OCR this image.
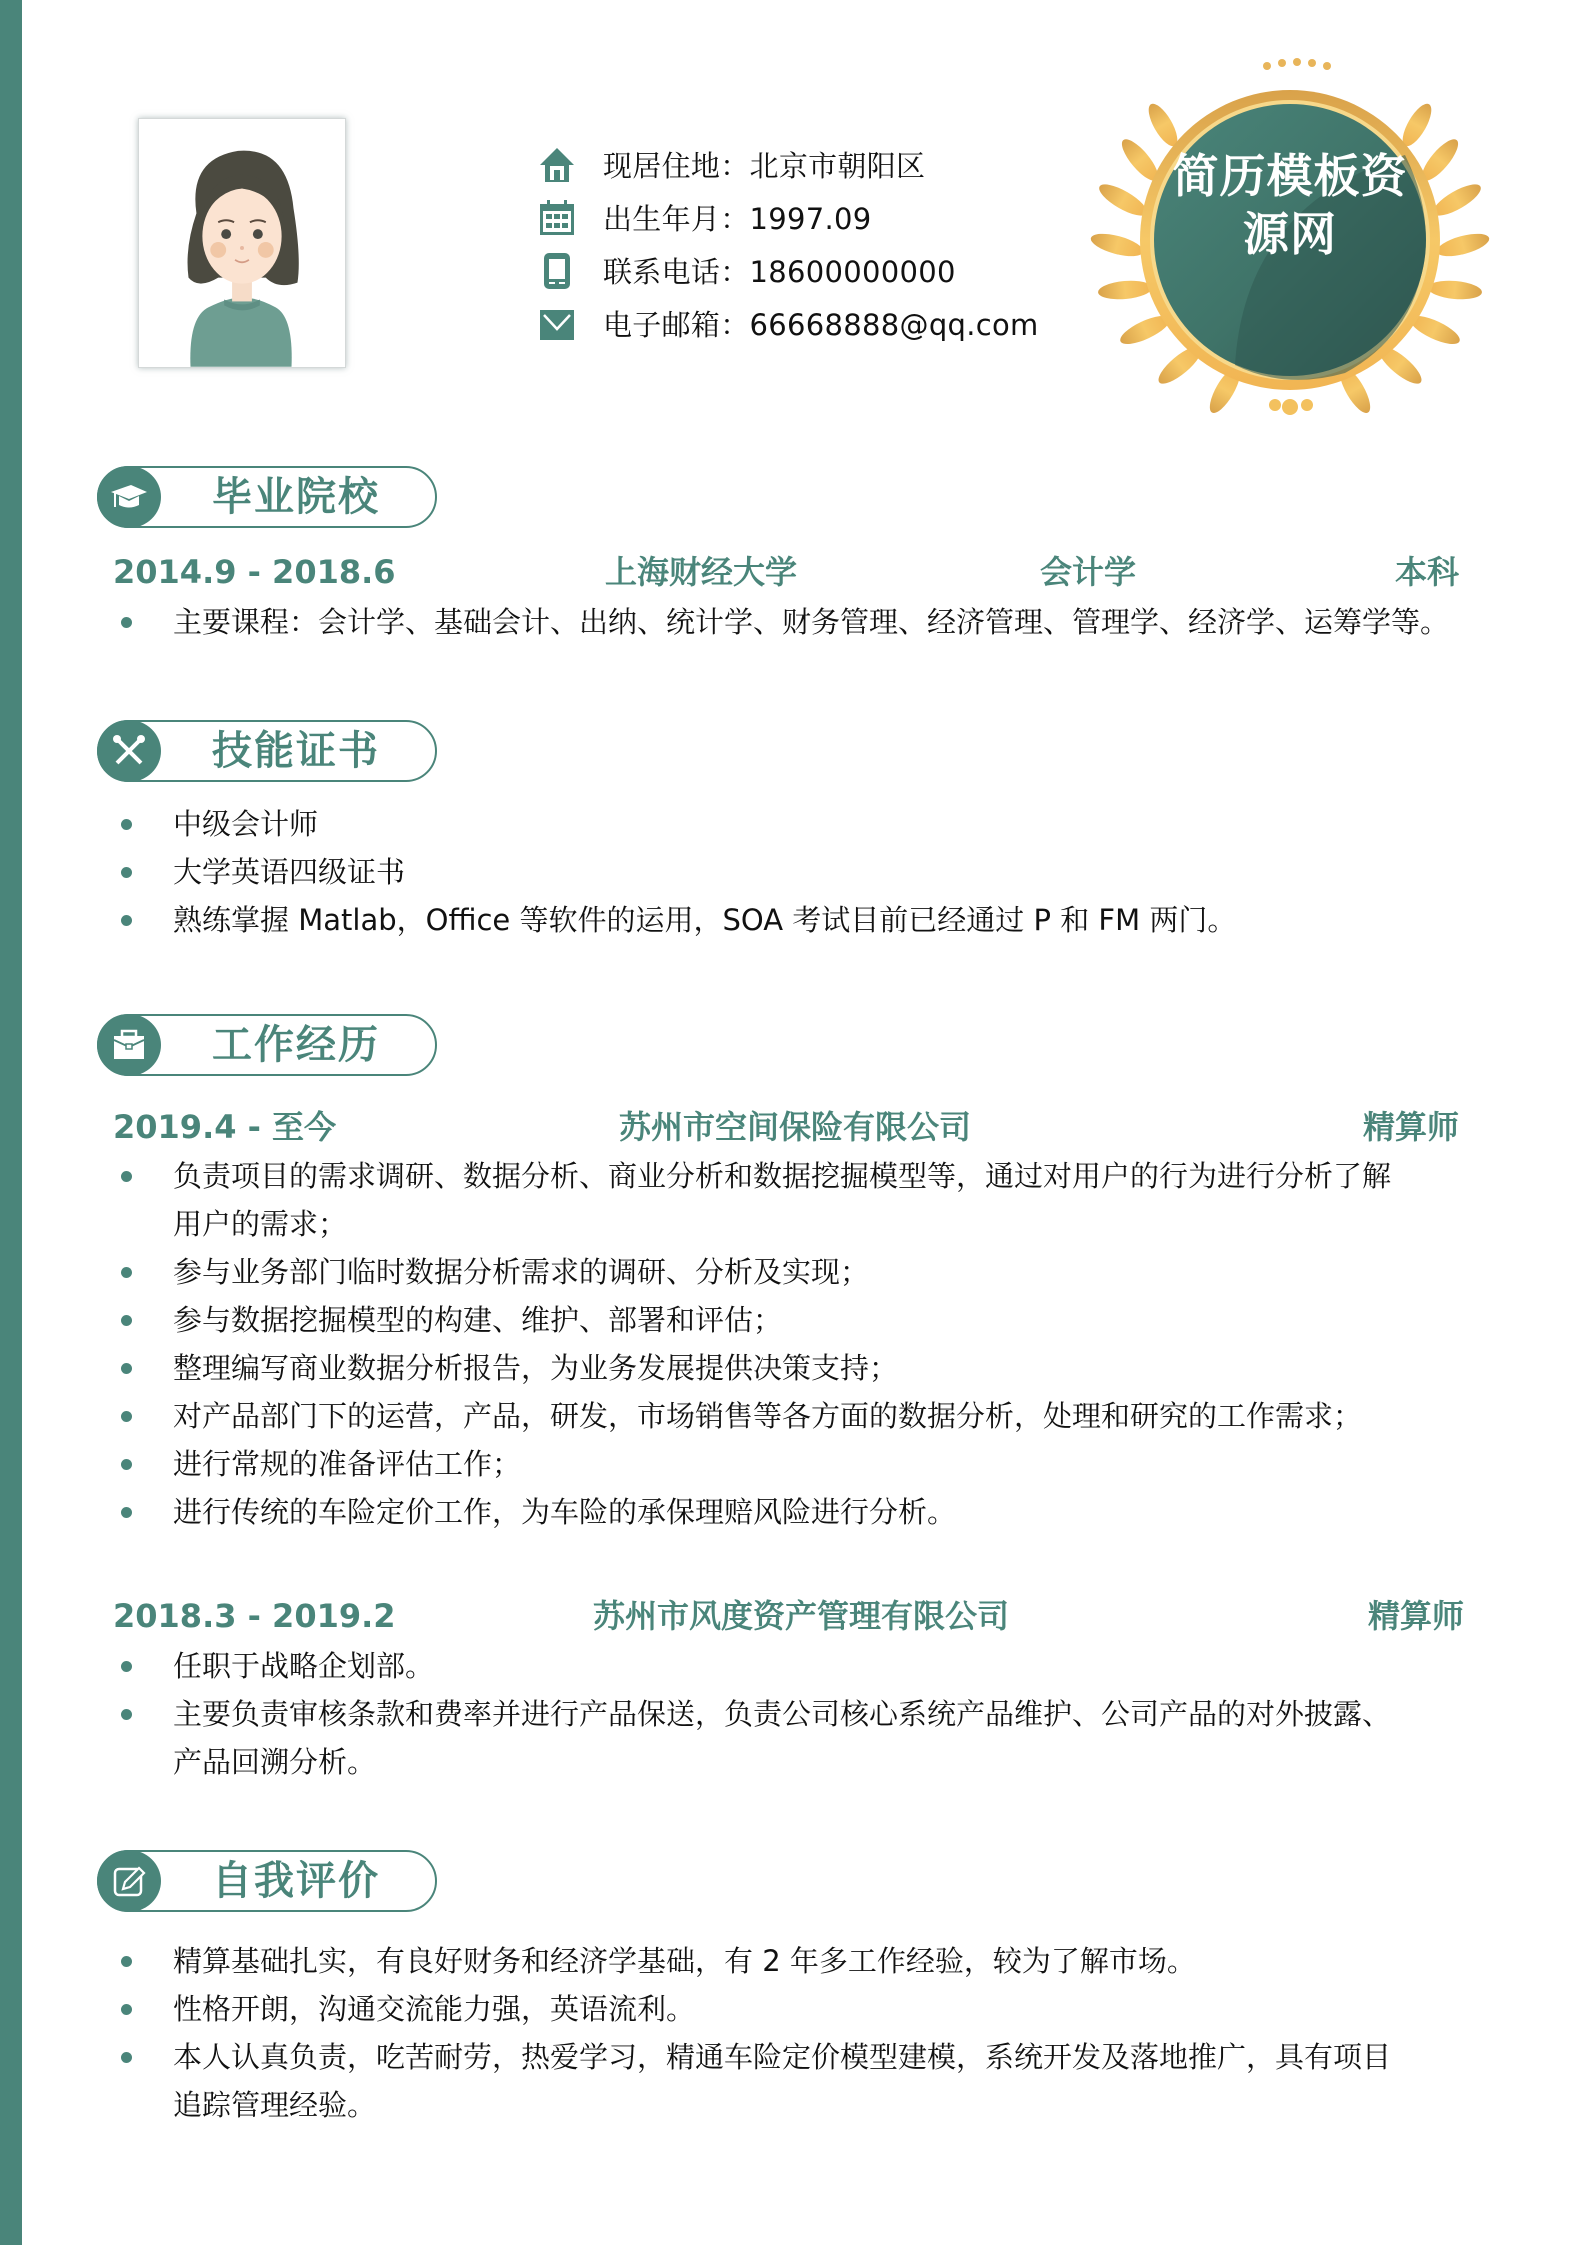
现居住地：北京市朝阳区
出生年月：1997.09
联系电话：18600000000
电子邮箱：66668888@qq.com
简历模板资
源网
毕业院校
2014.9 - 2018.6	上海财经大学	会计学	本科
主要课程：会计学、基础会计、出纳、统计学、财务管理、经济管理、管理学、经济学、运筹学等。
技能证书
中级会计师
大学英语四级证书
熟练掌握 Matlab，Office 等软件的运用，SOA 考试目前已经通过 P 和 FM 两门。
工作经历
2019.4 - 至今	苏州市空间保险有限公司	精算师
负责项目的需求调研、数据分析、商业分析和数据挖掘模型等，通过对用户的行为进行分析了解用户的需求；
参与业务部门临时数据分析需求的调研、分析及实现；
参与数据挖掘模型的构建、维护、部署和评估；
整理编写商业数据分析报告，为业务发展提供决策支持；
对产品部门下的运营，产品，研发，市场销售等各方面的数据分析，处理和研究的工作需求；
进行常规的准备评估工作；
进行传统的车险定价工作，为车险的承保理赔风险进行分析。
2018.3 - 2019.2	苏州市风度资产管理有限公司	精算师
任职于战略企划部。
主要负责审核条款和费率并进行产品保送，负责公司核心系统产品维护、公司产品的对外披露、产品回溯分析。
自我评价
精算基础扎实，有良好财务和经济学基础，有 2 年多工作经验，较为了解市场。
性格开朗，沟通交流能力强，英语流利。
本人认真负责，吃苦耐劳，热爱学习，精通车险定价模型建模，系统开发及落地推广，具有项目追踪管理经验。
